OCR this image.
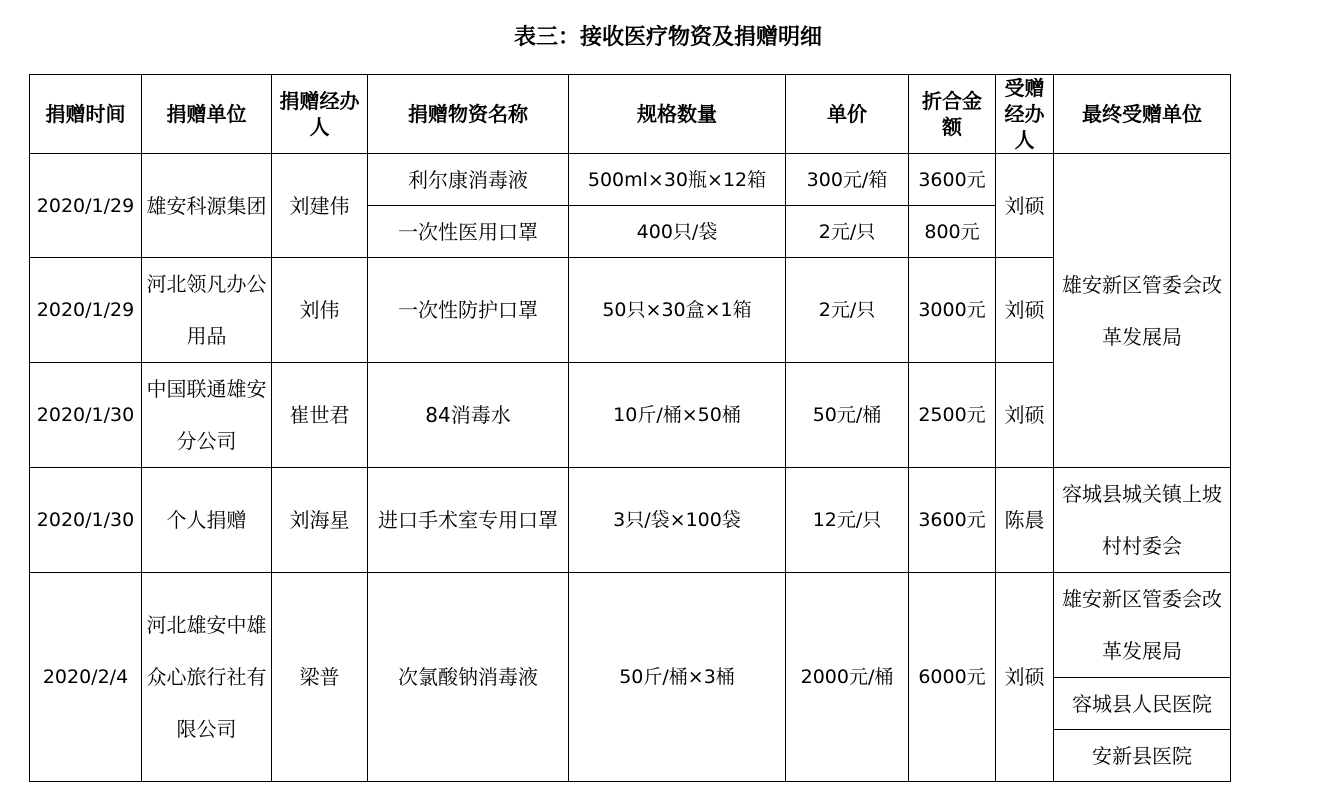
表三：接收医疗物资及捐赠明细
捐赠时间	捐赠单位	捐赠经办人	捐赠物资名称	规格数量	单价	折合金额	受赠经办人	最终受赠单位
2020/1/29	雄安科源集团	刘建伟	利尔康消毒液	500ml×30瓶×12箱	300元/箱	3600元	刘硕	雄安新区管委会改革发展局
			一次性医用口罩	400只/袋	2元/只	800元		
2020/1/29	河北领凡办公用品	刘伟	一次性防护口罩	50只×30盒×1箱	2元/只	3000元	刘硕	

2020/1/30	中国联通雄安分公司	崔世君	84消毒水	10斤/桶×50桶	50元/桶	2500元	刘硕	

2020/1/30	个人捐赠	刘海星	进口手术室专用口罩	3只/袋×100袋	12元/只	3600元	陈晨	容城县城关镇上坡村村委会

2020/2/4	河北雄安中雄众心旅行社有限公司	梁普	次氯酸钠消毒液	50斤/桶×3桶	2000元/桶	6000元	刘硕	雄安新区管委会改革发展局
								容城县人民医院
								安新县医院
